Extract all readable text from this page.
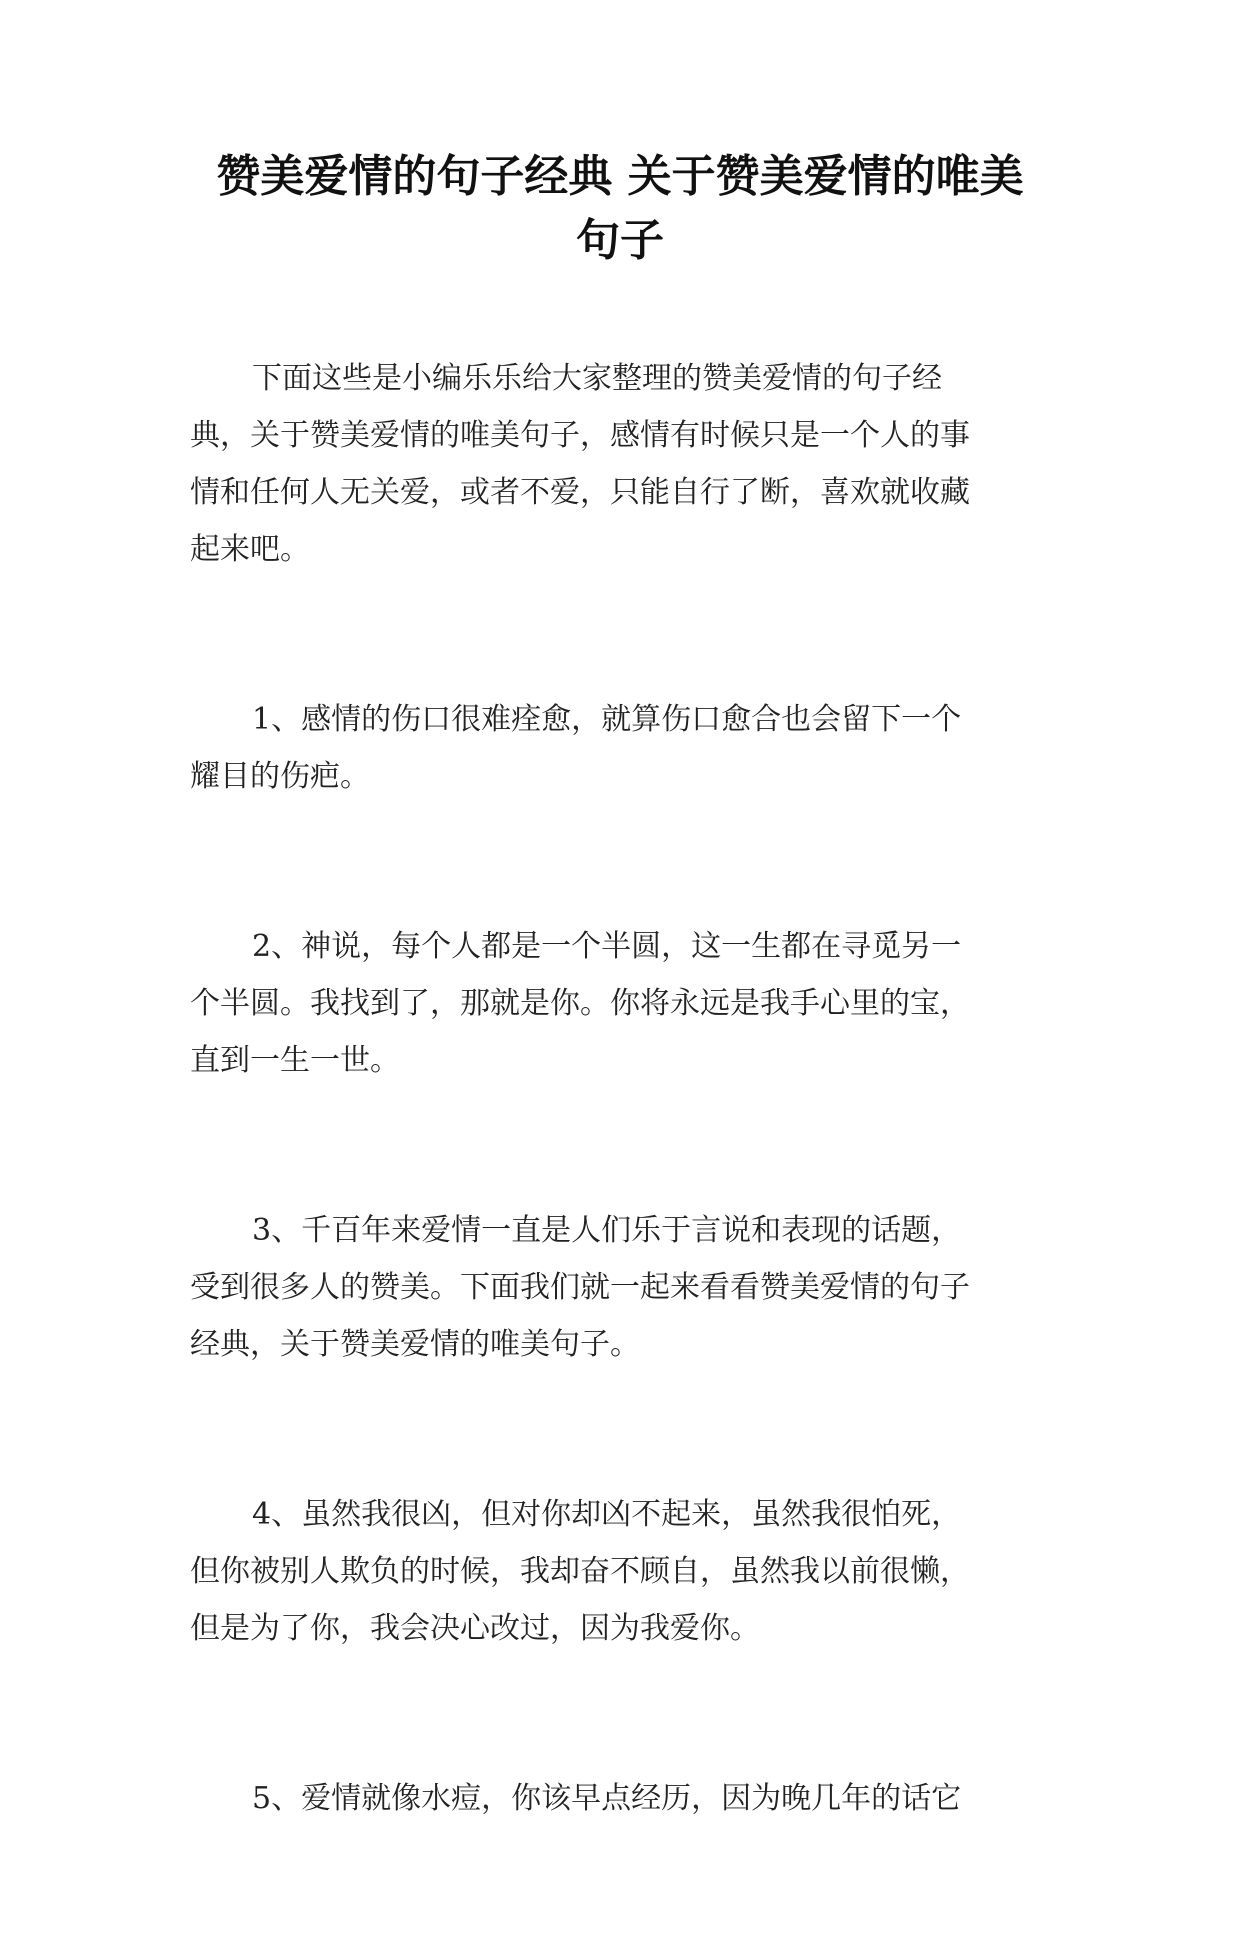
赞美爱情的句子经典 关于赞美爱情的唯美
句子
下面这些是小编乐乐给大家整理的赞美爱情的句子经
典，关于赞美爱情的唯美句子，感情有时候只是一个人的事
情和任何人无关爱，或者不爱，只能自行了断，喜欢就收藏
起来吧。
1、感情的伤口很难痊愈，就算伤口愈合也会留下一个
耀目的伤疤。
2、神说，每个人都是一个半圆，这一生都在寻觅另一
个半圆。我找到了，那就是你。你将永远是我手心里的宝，
直到一生一世。
3、千百年来爱情一直是人们乐于言说和表现的话题，
受到很多人的赞美。下面我们就一起来看看赞美爱情的句子
经典，关于赞美爱情的唯美句子。
4、虽然我很凶，但对你却凶不起来，虽然我很怕死，
但你被别人欺负的时候，我却奋不顾自，虽然我以前很懒，
但是为了你，我会决心改过，因为我爱你。
5、爱情就像水痘，你该早点经历，因为晚几年的话它
